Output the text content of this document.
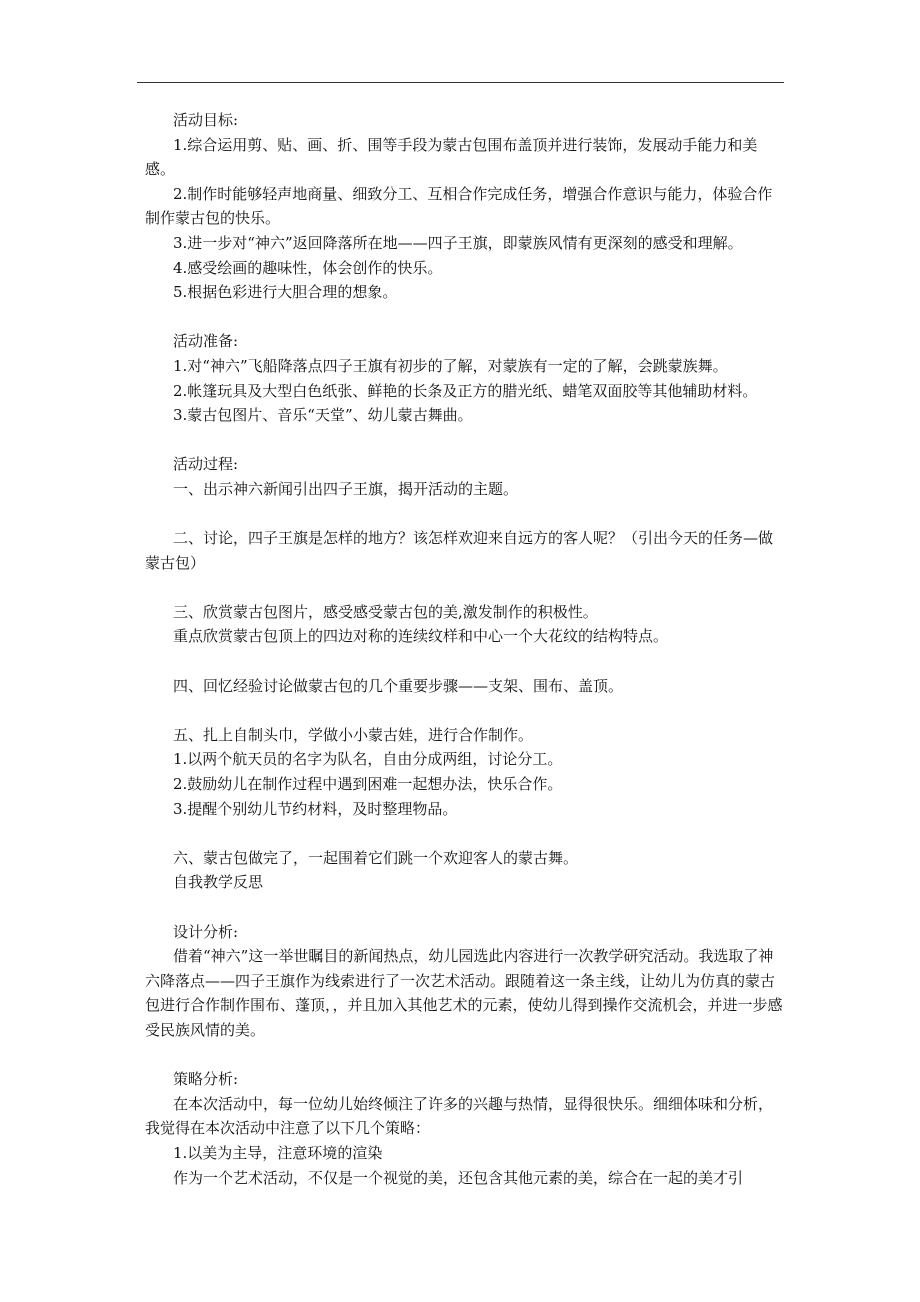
活动目标:

1.综合运用剪、贴、画、折、围等手段为蒙古包围布盖顶并进行装饰，发展动手能力和美感。

2.制作时能够轻声地商量、细致分工、互相合作完成任务，增强合作意识与能力，体验合作制作蒙古包的快乐。

3.进一步对“神六”返回降落所在地——四子王旗，即蒙族风情有更深刻的感受和理解。

4.感受绘画的趣味性，体会创作的快乐。

5.根据色彩进行大胆合理的想象。

活动准备:

1.对“神六”飞船降落点四子王旗有初步的了解，对蒙族有一定的了解，会跳蒙族舞。

2.帐篷玩具及大型白色纸张、鲜艳的长条及正方的腊光纸、蜡笔双面胶等其他辅助材料。

3.蒙古包图片、音乐“天堂”、幼儿蒙古舞曲。

活动过程:

一、出示神六新闻引出四子王旗，揭开活动的主题。

二、讨论，四子王旗是怎样的地方？该怎样欢迎来自远方的客人呢？（引出今天的任务—做蒙古包）

三、欣赏蒙古包图片，感受感受蒙古包的美,激发制作的积极性。

重点欣赏蒙古包顶上的四边对称的连续纹样和中心一个大花纹的结构特点。

四、回忆经验讨论做蒙古包的几个重要步骤——支架、围布、盖顶。

五、扎上自制头巾，学做小小蒙古娃，进行合作制作。

1.以两个航天员的名字为队名，自由分成两组，讨论分工。

2.鼓励幼儿在制作过程中遇到困难一起想办法，快乐合作。

3.提醒个别幼儿节约材料，及时整理物品。

六、蒙古包做完了，一起围着它们跳一个欢迎客人的蒙古舞。

自我教学反思

设计分析:

借着“神六”这一举世瞩目的新闻热点，幼儿园选此内容进行一次教学研究活动。我选取了神六降落点——四子王旗作为线索进行了一次艺术活动。跟随着这一条主线，让幼儿为仿真的蒙古包进行合作制作围布、蓬顶，，并且加入其他艺术的元素，使幼儿得到操作交流机会，并进一步感受民族风情的美。

策略分析:

在本次活动中，每一位幼儿始终倾注了许多的兴趣与热情，显得很快乐。细细体味和分析，我觉得在本次活动中注意了以下几个策略：

1.以美为主导，注意环境的渲染

作为一个艺术活动，不仅是一个视觉的美，还包含其他元素的美，综合在一起的美才引
